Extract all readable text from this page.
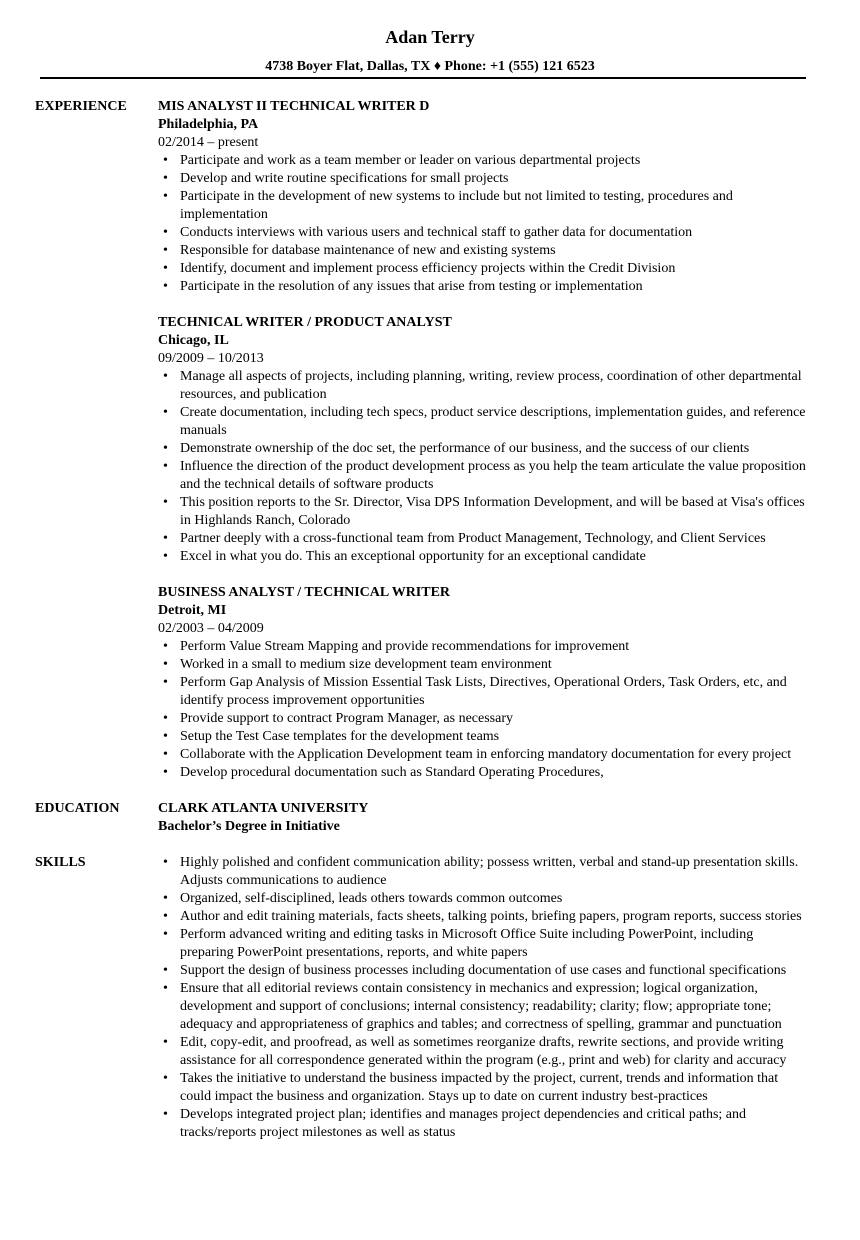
Adan Terry
4738 Boyer Flat, Dallas, TX ♦ Phone: +1 (555) 121 6523
EXPERIENCE	MIS ANALYST II TECHNICAL WRITER D
Philadelphia, PA
02/2014 – present
• Participate and work as a team member or leader on various departmental projects
• Develop and write routine specifications for small projects
• Participate in the development of new systems to include but not limited to testing, procedures and implementation
• Conducts interviews with various users and technical staff to gather data for documentation
• Responsible for database maintenance of new and existing systems
• Identify, document and implement process efficiency projects within the Credit Division
• Participate in the resolution of any issues that arise from testing or implementation
TECHNICAL WRITER / PRODUCT ANALYST
Chicago, IL
09/2009 – 10/2013
• Manage all aspects of projects, including planning, writing, review process, coordination of other departmental resources, and publication
• Create documentation, including tech specs, product service descriptions, implementation guides, and reference manuals
• Demonstrate ownership of the doc set, the performance of our business, and the success of our clients
• Influence the direction of the product development process as you help the team articulate the value proposition and the technical details of software products
• This position reports to the Sr. Director, Visa DPS Information Development, and will be based at Visa's offices in Highlands Ranch, Colorado
• Partner deeply with a cross-functional team from Product Management, Technology, and Client Services
• Excel in what you do. This an exceptional opportunity for an exceptional candidate
BUSINESS ANALYST / TECHNICAL WRITER
Detroit, MI
02/2003 – 04/2009
• Perform Value Stream Mapping and provide recommendations for improvement
• Worked in a small to medium size development team environment
• Perform Gap Analysis of Mission Essential Task Lists, Directives, Operational Orders, Task Orders, etc, and identify process improvement opportunities
• Provide support to contract Program Manager, as necessary
• Setup the Test Case templates for the development teams
• Collaborate with the Application Development team in enforcing mandatory documentation for every project
• Develop procedural documentation such as Standard Operating Procedures,
EDUCATION	CLARK ATLANTA UNIVERSITY
Bachelor’s Degree in Initiative
SKILLS
•	Highly polished and confident communication ability; possess written, verbal and stand-up presentation skills. Adjusts communications to audience
• Organized, self-disciplined, leads others towards common outcomes
• Author and edit training materials, facts sheets, talking points, briefing papers, program reports, success stories
• Perform advanced writing and editing tasks in Microsoft Office Suite including PowerPoint, including preparing PowerPoint presentations, reports, and white papers
• Support the design of business processes including documentation of use cases and functional specifications
• Ensure that all editorial reviews contain consistency in mechanics and expression; logical organization, development and support of conclusions; internal consistency; readability; clarity; flow; appropriate tone; adequacy and appropriateness of graphics and tables; and correctness of spelling, grammar and punctuation
• Edit, copy-edit, and proofread, as well as sometimes reorganize drafts, rewrite sections, and provide writing assistance for all correspondence generated within the program (e.g., print and web) for clarity and accuracy
• Takes the initiative to understand the business impacted by the project, current, trends and information that could impact the business and organization. Stays up to date on current industry best-practices
• Develops integrated project plan; identifies and manages project dependencies and critical paths; and tracks/reports project milestones as well as status
